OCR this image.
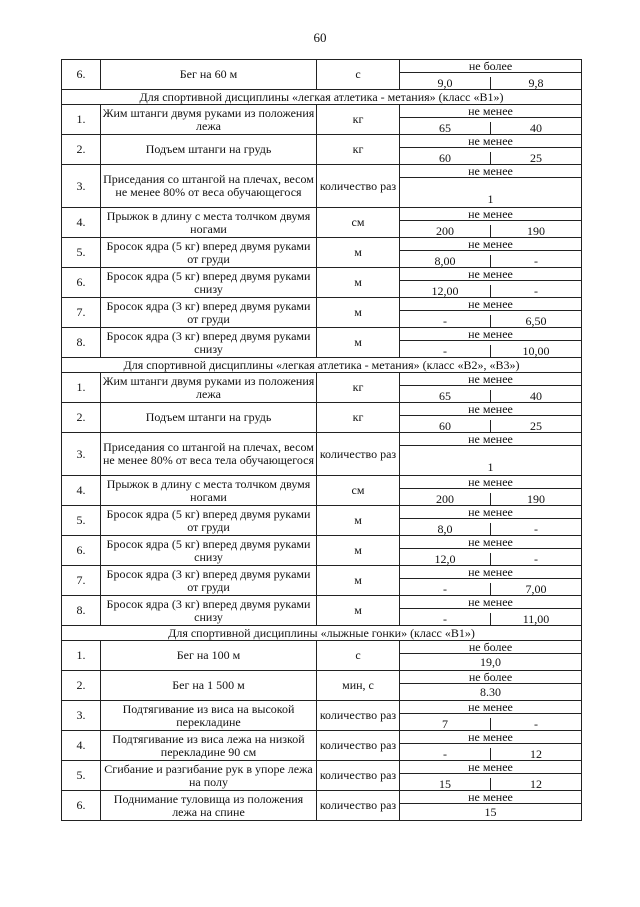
60
6.	Бег на 60 м	с	не более
9,0 9,8

Для спортивной дисциплины «легкая атлетика - метания» (класс «В1»)			
1.	Жим штанги двумя руками из положения лежа	кг	не менее
65 40

2.	Подъем штанги на грудь	кг	не менее
60 25

3.	Приседания со штангой на плечах, весом не менее 80% от веса обучающегося	количество раз	не менее
1

4.	Прыжок в длину с места толчком двумя ногами	см	не менее
200 190

5.	Бросок ядра (5 кг) вперед двумя руками от груди	м	не менее
8,00 -

6.	Бросок ядра (5 кг) вперед двумя руками снизу	м	не менее
12,00 -

7.	Бросок ядра (3 кг) вперед двумя руками от груди	м	не менее
- 6,50

8.	Бросок ядра (3 кг) вперед двумя руками снизу	м	не менее
- 10,00

Для спортивной дисциплины «легкая атлетика - метания» (класс «В2», «В3»)			
1.	Жим штанги двумя руками из положения лежа	кг	не менее
65 40

2.	Подъем штанги на грудь	кг	не менее
60 25

3.	Приседания со штангой на плечах, весом не менее 80% от веса тела обучающегося	количество раз	не менее
1

4.	Прыжок в длину с места толчком двумя ногами	см	не менее
200 190

5.	Бросок ядра (5 кг) вперед двумя руками от груди	м	не менее
8,0 -

6.	Бросок ядра (5 кг) вперед двумя руками снизу	м	не менее
12,0 -

7.	Бросок ядра (3 кг) вперед двумя руками от груди	м	не менее
- 7,00

8.	Бросок ядра (3 кг) вперед двумя руками снизу	м	не менее
- 11,00

Для спортивной дисциплины «лыжные гонки» (класс «В1»)			
1.	Бег на 100 м	с	не более
19,0

2.	Бег на 1 500 м	мин, с	не более
8.30

3.	Подтягивание из виса на высокой перекладине	количество раз	не менее
7 -

4.	Подтягивание из виса лежа на низкой перекладине 90 см	количество раз	не менее
- 12

5.	Сгибание и разгибание рук в упоре лежа на полу	количество раз	не менее
15 12

6.	Поднимание туловища из положения лежа на спине	количество раз	не менее
15
